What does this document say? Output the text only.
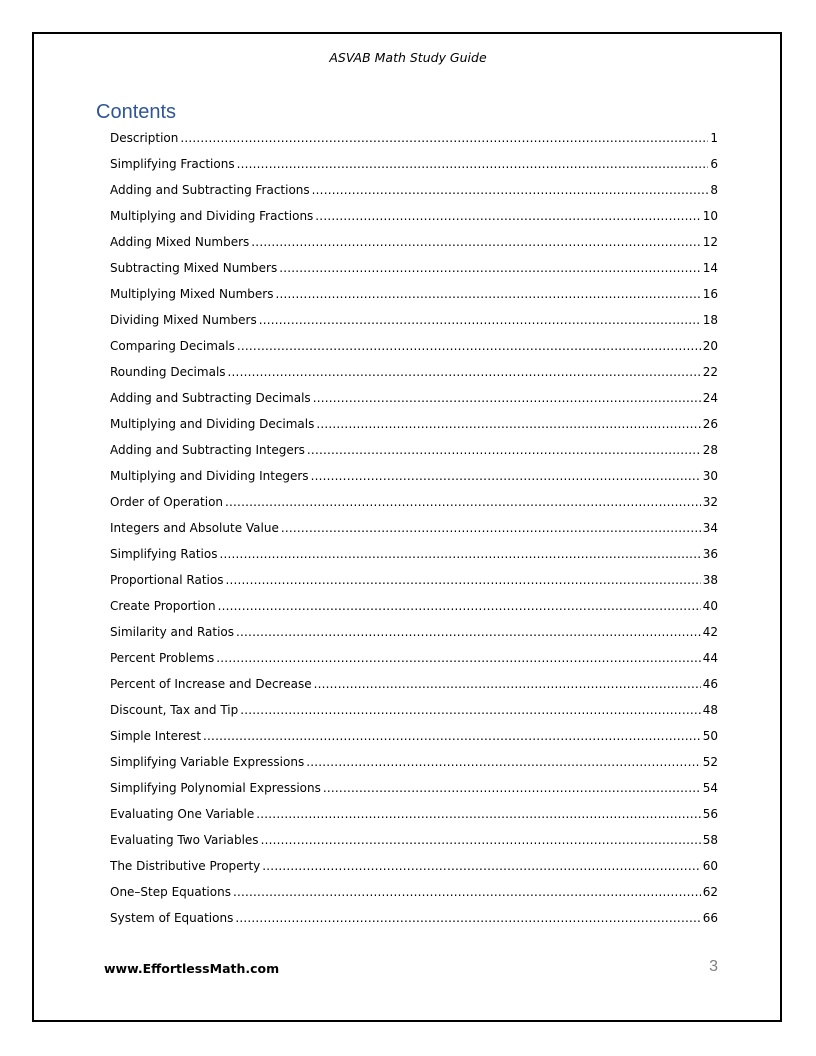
ASVAB Math Study Guide
Contents
Description .....	1
Simplifying Fractions .....	6
Adding and Subtracting Fractions .....	8
Multiplying and Dividing Fractions .....	10
Adding Mixed Numbers .....	12
Subtracting Mixed Numbers .....	14
Multiplying Mixed Numbers .....	16
Dividing Mixed Numbers .....	18
Comparing Decimals .....	20
Rounding Decimals .....	22
Adding and Subtracting Decimals .....	24
Multiplying and Dividing Decimals .....	26
Adding and Subtracting Integers .....	28
Multiplying and Dividing Integers .....	30
Order of Operation .....	32
Integers and Absolute Value .....	34
Simplifying Ratios .....	36
Proportional Ratios .....	38
Create Proportion .....	40
Similarity and Ratios .....	42
Percent Problems .....	44
Percent of Increase and Decrease .....	46
Discount, Tax and Tip .....	48
Simple Interest .....	50
Simplifying Variable Expressions .....	52
Simplifying Polynomial Expressions .....	54
Evaluating One Variable .....	56
Evaluating Two Variables .....	58
The Distributive Property .....	60
One–Step Equations .....	62
System of Equations .....	66
www.EffortlessMath.com	3
